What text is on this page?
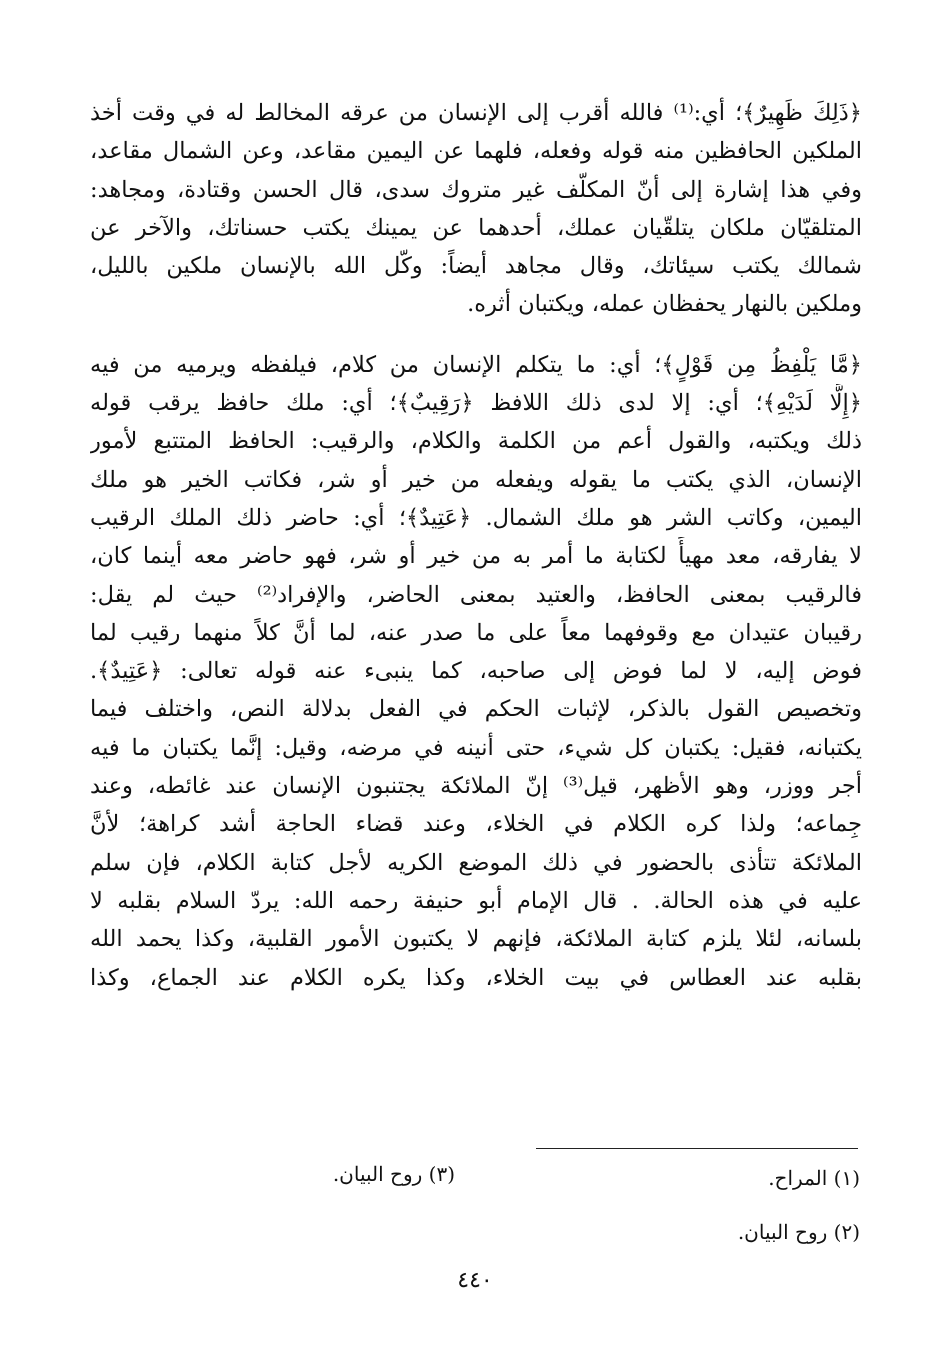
﴿ذَلِكَ ظَهِيرٌ﴾؛ أي:⁽¹⁾ فالله أقرب إلى الإنسان من عرقه المخالط له في وقت أخذ
الملكين الحافظين منه قوله وفعله، فلهما عن اليمين مقاعد، وعن الشمال مقاعد،
وفي هذا إشارة إلى أنّ المكلّف غير متروك سدى، قال الحسن وقتادة، ومجاهد:
المتلقيّان ملكان يتلقّيان عملك، أحدهما عن يمينك يكتب حسناتك، والآخر عن
شمالك يكتب سيئاتك، وقال مجاهد أيضاً: وكّل الله بالإنسان ملكين بالليل،
وملكين بالنهار يحفظان عمله، ويكتبان أثره.
﴿مَّا يَلْفِظُ مِن قَوْلٍ﴾؛ أي: ما يتكلم الإنسان من كلام، فيلفظه ويرميه من فيه
﴿إِلَّا لَدَيْهِ﴾؛ أي: إلا لدى ذلك اللافظ ﴿رَقِيبٌ﴾؛ أي: ملك حافظ يرقب قوله
ذلك ويكتبه، والقول أعم من الكلمة والكلام، والرقيب: الحافظ المتتبع لأمور
الإنسان، الذي يكتب ما يقوله ويفعله من خير أو شر، فكاتب الخير هو ملك
اليمين، وكاتب الشر هو ملك الشمال. ﴿عَتِيدٌ﴾؛ أي: حاضر ذلك الملك الرقيب
لا يفارقه، معد مهيأً لكتابة ما أمر به من خير أو شر، فهو حاضر معه أينما كان،
فالرقيب بمعنى الحافظ، والعتيد بمعنى الحاضر، والإفراد⁽²⁾ حيث لم يقل:
رقيبان عتيدان مع وقوفهما معاً على ما صدر عنه، لما أنَّ كلاً منهما رقيب لما
فوض إليه، لا لما فوض إلى صاحبه، كما ينبىء عنه قوله تعالى: ﴿عَتِيدٌ﴾.
وتخصيص القول بالذكر، لإثبات الحكم في الفعل بدلالة النص، واختلف فيما
يكتبانه، فقيل: يكتبان كل شيء، حتى أنينه في مرضه، وقيل: إنَّما يكتبان ما فيه
أجر ووزر، وهو الأظهر، قيل⁽³⁾ إنّ الملائكة يجتنبون الإنسان عند غائطه، وعند
جِماعه؛ ولذا كره الكلام في الخلاء، وعند قضاء الحاجة أشد كراهة؛ لأنَّ
الملائكة تتأذى بالحضور في ذلك الموضع الكريه لأجل كتابة الكلام، فإن سلم
عليه في هذه الحالة. . قال الإمام أبو حنيفة رحمه الله: يردّ السلام بقلبه لا
بلسانه، لئلا يلزم كتابة الملائكة، فإنهم لا يكتبون الأمور القلبية، وكذا يحمد الله
بقلبه عند العطاس في بيت الخلاء، وكذا يكره الكلام عند الجماع، وكذا
(١) المراح.
(٣) روح البيان.
(٢) روح البيان.
٤٤٠
